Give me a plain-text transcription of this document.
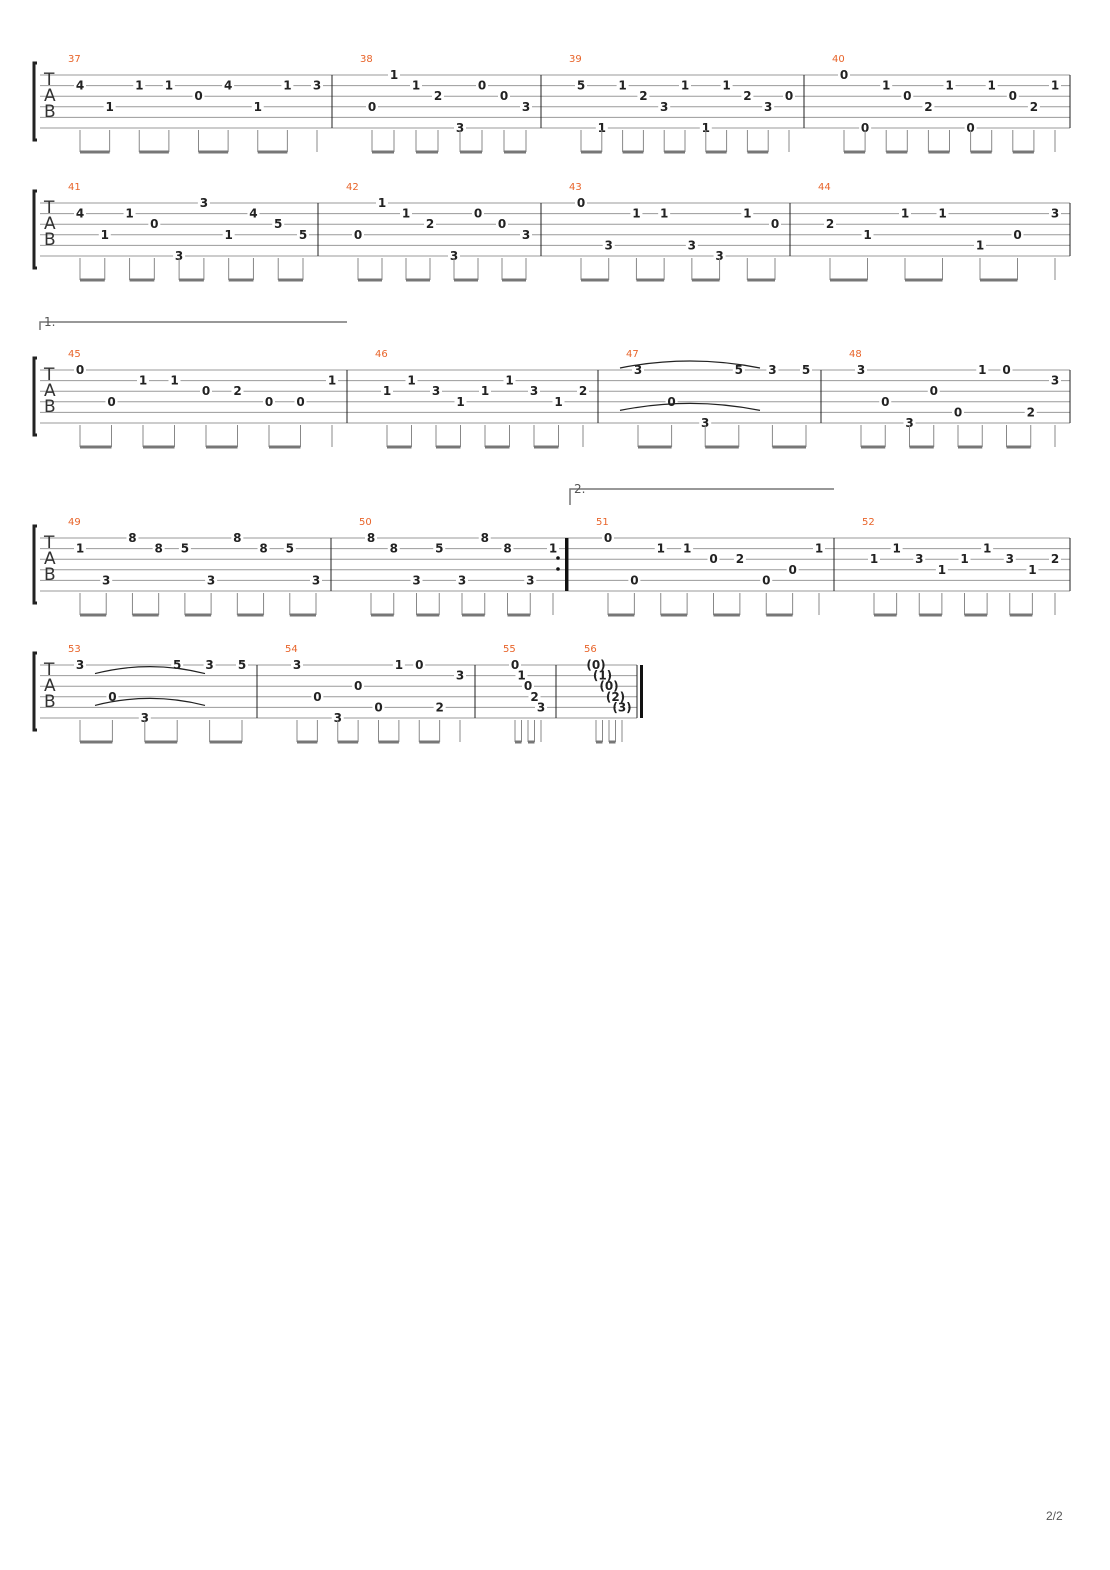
T
A
B
37
4
1
1 1
0
4
1
1 3
38
0
1
1
2
3
0
0
3
39
5
1
1
2
3
1
1
1
2
3
0
40
0
0
1
0
2
1
0
1
0
2
1
T
A
B
41
4
1
1
0
3
3
1
4
5
5
42
0
1
1
2
3
0
0
3
43
0
3
1 1
3
3
1
0
44
2
1
1 1
1
0
3
T
A
B
45
0
0
1 1
0 2
0 0
1
46
1
1
3
1
1
1
3
1
2
47
3
0
3
5 3 5
48
3
0
3
0
0
1 0
2
3
T
A
B
49
1
3
8
8 5
3
8
8 5
3
50
8
8
3
5
3
8
8
3
1
51
0
0
1 1
0 2
0
0
1
52
1
1
3
1
1
1
3
1
2
T
A
B
53
3
0
3
5 3 5
54
3
0
3
0
0
1 0
2
3
55
0
1
0
2
3
56
(0)
(1)
(0)
(2)
(3)
1.
2.
2/2
